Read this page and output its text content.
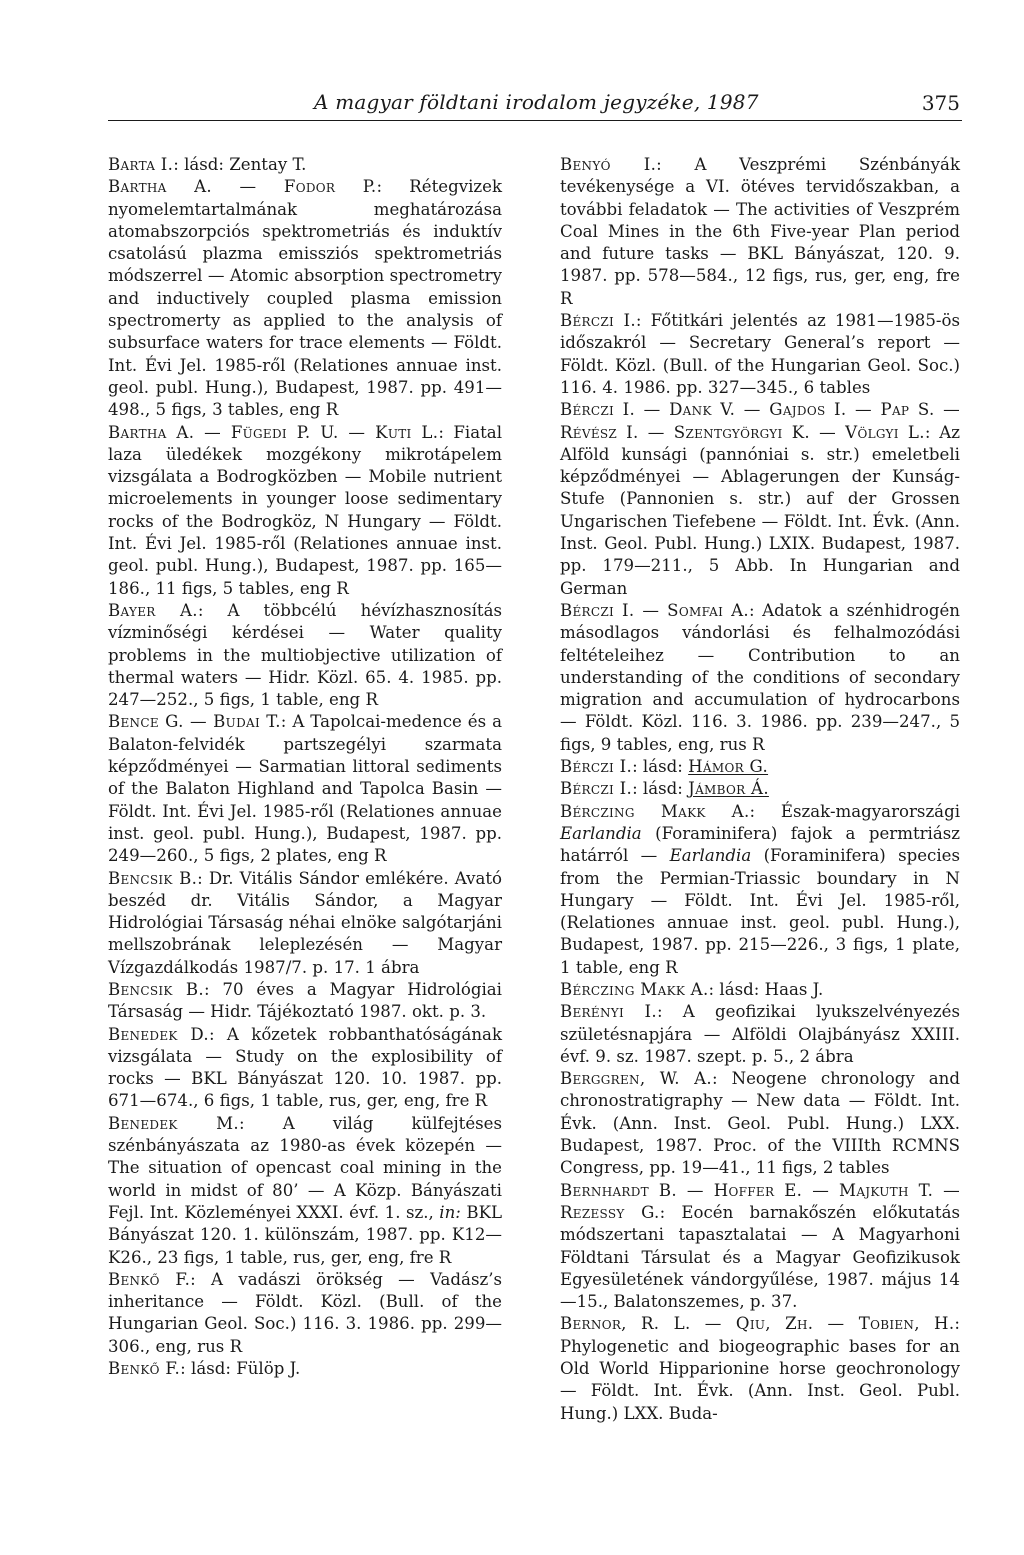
A magyar földtani irodalom jegyzéke, 1987	375

Barta I.: lásd: Zentay T.

Bartha A. — Fodor P.: Rétegvizek nyomelemtartalmának meghatározása atomabszorpciós spektrometriás és induktív csatolású plazma emissziós spektrometriás módszerrel — Atomic absorption spectrometry and inductively coupled plasma emission spectromerty as applied to the analysis of subsurface waters for trace elements — Földt. Int. Évi Jel. 1985-ről (Relationes annuae inst. geol. publ. Hung.), Budapest, 1987. pp. 491—498., 5 figs, 3 tables, eng R

Bartha A. — Fügedi P. U. — Kuti L.: Fiatal laza üledékek mozgékony mikrotápelem vizsgálata a Bodrogközben — Mobile nutrient microelements in younger loose sedimentary rocks of the Bodrogköz, N Hungary — Földt. Int. Évi Jel. 1985-ről (Relationes annuae inst. geol. publ. Hung.), Budapest, 1987. pp. 165—186., 11 figs, 5 tables, eng R

Bayer A.: A többcélú hévízhasznosítás vízminőségi kérdései — Water quality problems in the multiobjective utilization of thermal waters — Hidr. Közl. 65. 4. 1985. pp. 247—252., 5 figs, 1 table, eng R

Bence G. — Budai T.: A Tapolcai-medence és a Balaton-felvidék partszegélyi szarmata képződményei — Sarmatian littoral sediments of the Balaton Highland and Tapolca Basin — Földt. Int. Évi Jel. 1985-ről (Relationes annuae inst. geol. publ. Hung.), Budapest, 1987. pp. 249—260., 5 figs, 2 plates, eng R

Bencsik B.: Dr. Vitális Sándor emlékére. Avató beszéd dr. Vitális Sándor, a Magyar Hidrológiai Társaság néhai elnöke salgótarjáni mellszobrának leleplezésén — Magyar Vízgazdálkodás 1987/7. p. 17. 1 ábra

Bencsik B.: 70 éves a Magyar Hidrológiai Társaság — Hidr. Tájékoztató 1987. okt. p. 3.

Benedek D.: A kőzetek robbanthatóságának vizsgálata — Study on the explosibility of rocks — BKL Bányászat 120. 10. 1987. pp. 671—674., 6 figs, 1 table, rus, ger, eng, fre R

Benedek M.: A világ külfejtéses szénbányászata az 1980-as évek közepén — The situation of opencast coal mining in the world in midst of 80’ — A Közp. Bányászati Fejl. Int. Közleményei XXXI. évf. 1. sz., in: BKL Bányászat 120. 1. különszám, 1987. pp. K12—K26., 23 figs, 1 table, rus, ger, eng, fre R

Benkő F.: A vadászi örökség — Vadász’s inheritance — Földt. Közl. (Bull. of the Hungarian Geol. Soc.) 116. 3. 1986. pp. 299—306., eng, rus R

Benkő F.: lásd: Fülöp J.

Benyó I.: A Veszprémi Szénbányák tevékenysége a VI. ötéves tervidőszakban, a további feladatok — The activities of Veszprém Coal Mines in the 6th Five-year Plan period and future tasks — BKL Bányászat, 120. 9. 1987. pp. 578—584., 12 figs, rus, ger, eng, fre R

Bérczi I.: Főtitkári jelentés az 1981—1985-ös időszakról — Secretary General’s report — Földt. Közl. (Bull. of the Hungarian Geol. Soc.) 116. 4. 1986. pp. 327—345., 6 tables

Bérczi I. — Dank V. — Gajdos I. — Pap S. — Révész I. — Szentgyörgyi K. — Völgyi L.: Az Alföld kunsági (pannóniai s. str.) emeletbeli képződményei — Ablagerungen der Kunság-Stufe (Pannonien s. str.) auf der Grossen Ungarischen Tiefebene — Földt. Int. Évk. (Ann. Inst. Geol. Publ. Hung.) LXIX. Budapest, 1987. pp. 179—211., 5 Abb. In Hungarian and German

Bérczi I. — Somfai A.: Adatok a szénhidrogén másodlagos vándorlási és felhalmozódási feltételeihez — Contribution to an understanding of the conditions of secondary migration and accumulation of hydrocarbons — Földt. Közl. 116. 3. 1986. pp. 239—247., 5 figs, 9 tables, eng, rus R

Bérczi I.: lásd: Hámor G.

Bérczi I.: lásd: Jámbor Á.

Bérczing Makk A.: Észak-magyarországi Earlandia (Foraminifera) fajok a permtriász határról — Earlandia (Foraminifera) species from the Permian-Triassic boundary in N Hungary — Földt. Int. Évi Jel. 1985-ről, (Relationes annuae inst. geol. publ. Hung.), Budapest, 1987. pp. 215—226., 3 figs, 1 plate, 1 table, eng R

Bérczing Makk A.: lásd: Haas J.

Berényi I.: A geofizikai lyukszelvényezés születésnapjára — Alföldi Olajbányász XXIII. évf. 9. sz. 1987. szept. p. 5., 2 ábra

Berggren, W. A.: Neogene chronology and chronostratigraphy — New data — Földt. Int. Évk. (Ann. Inst. Geol. Publ. Hung.) LXX. Budapest, 1987. Proc. of the VIIIth RCMNS Congress, pp. 19—41., 11 figs, 2 tables

Bernhardt B. — Hoffer E. — Majkuth T. — Rezessy G.: Eocén barnakőszén előkutatás módszertani tapasztalatai — A Magyarhoni Földtani Társulat és a Magyar Geofizikusok Egyesületének vándorgyűlése, 1987. május 14—15., Balatonszemes, p. 37.

Bernor, R. L. — Qiu, Zh. — Tobien, H.: Phylogenetic and biogeographic bases for an Old World Hipparionine horse geochronology — Földt. Int. Évk. (Ann. Inst. Geol. Publ. Hung.) LXX. Buda-
